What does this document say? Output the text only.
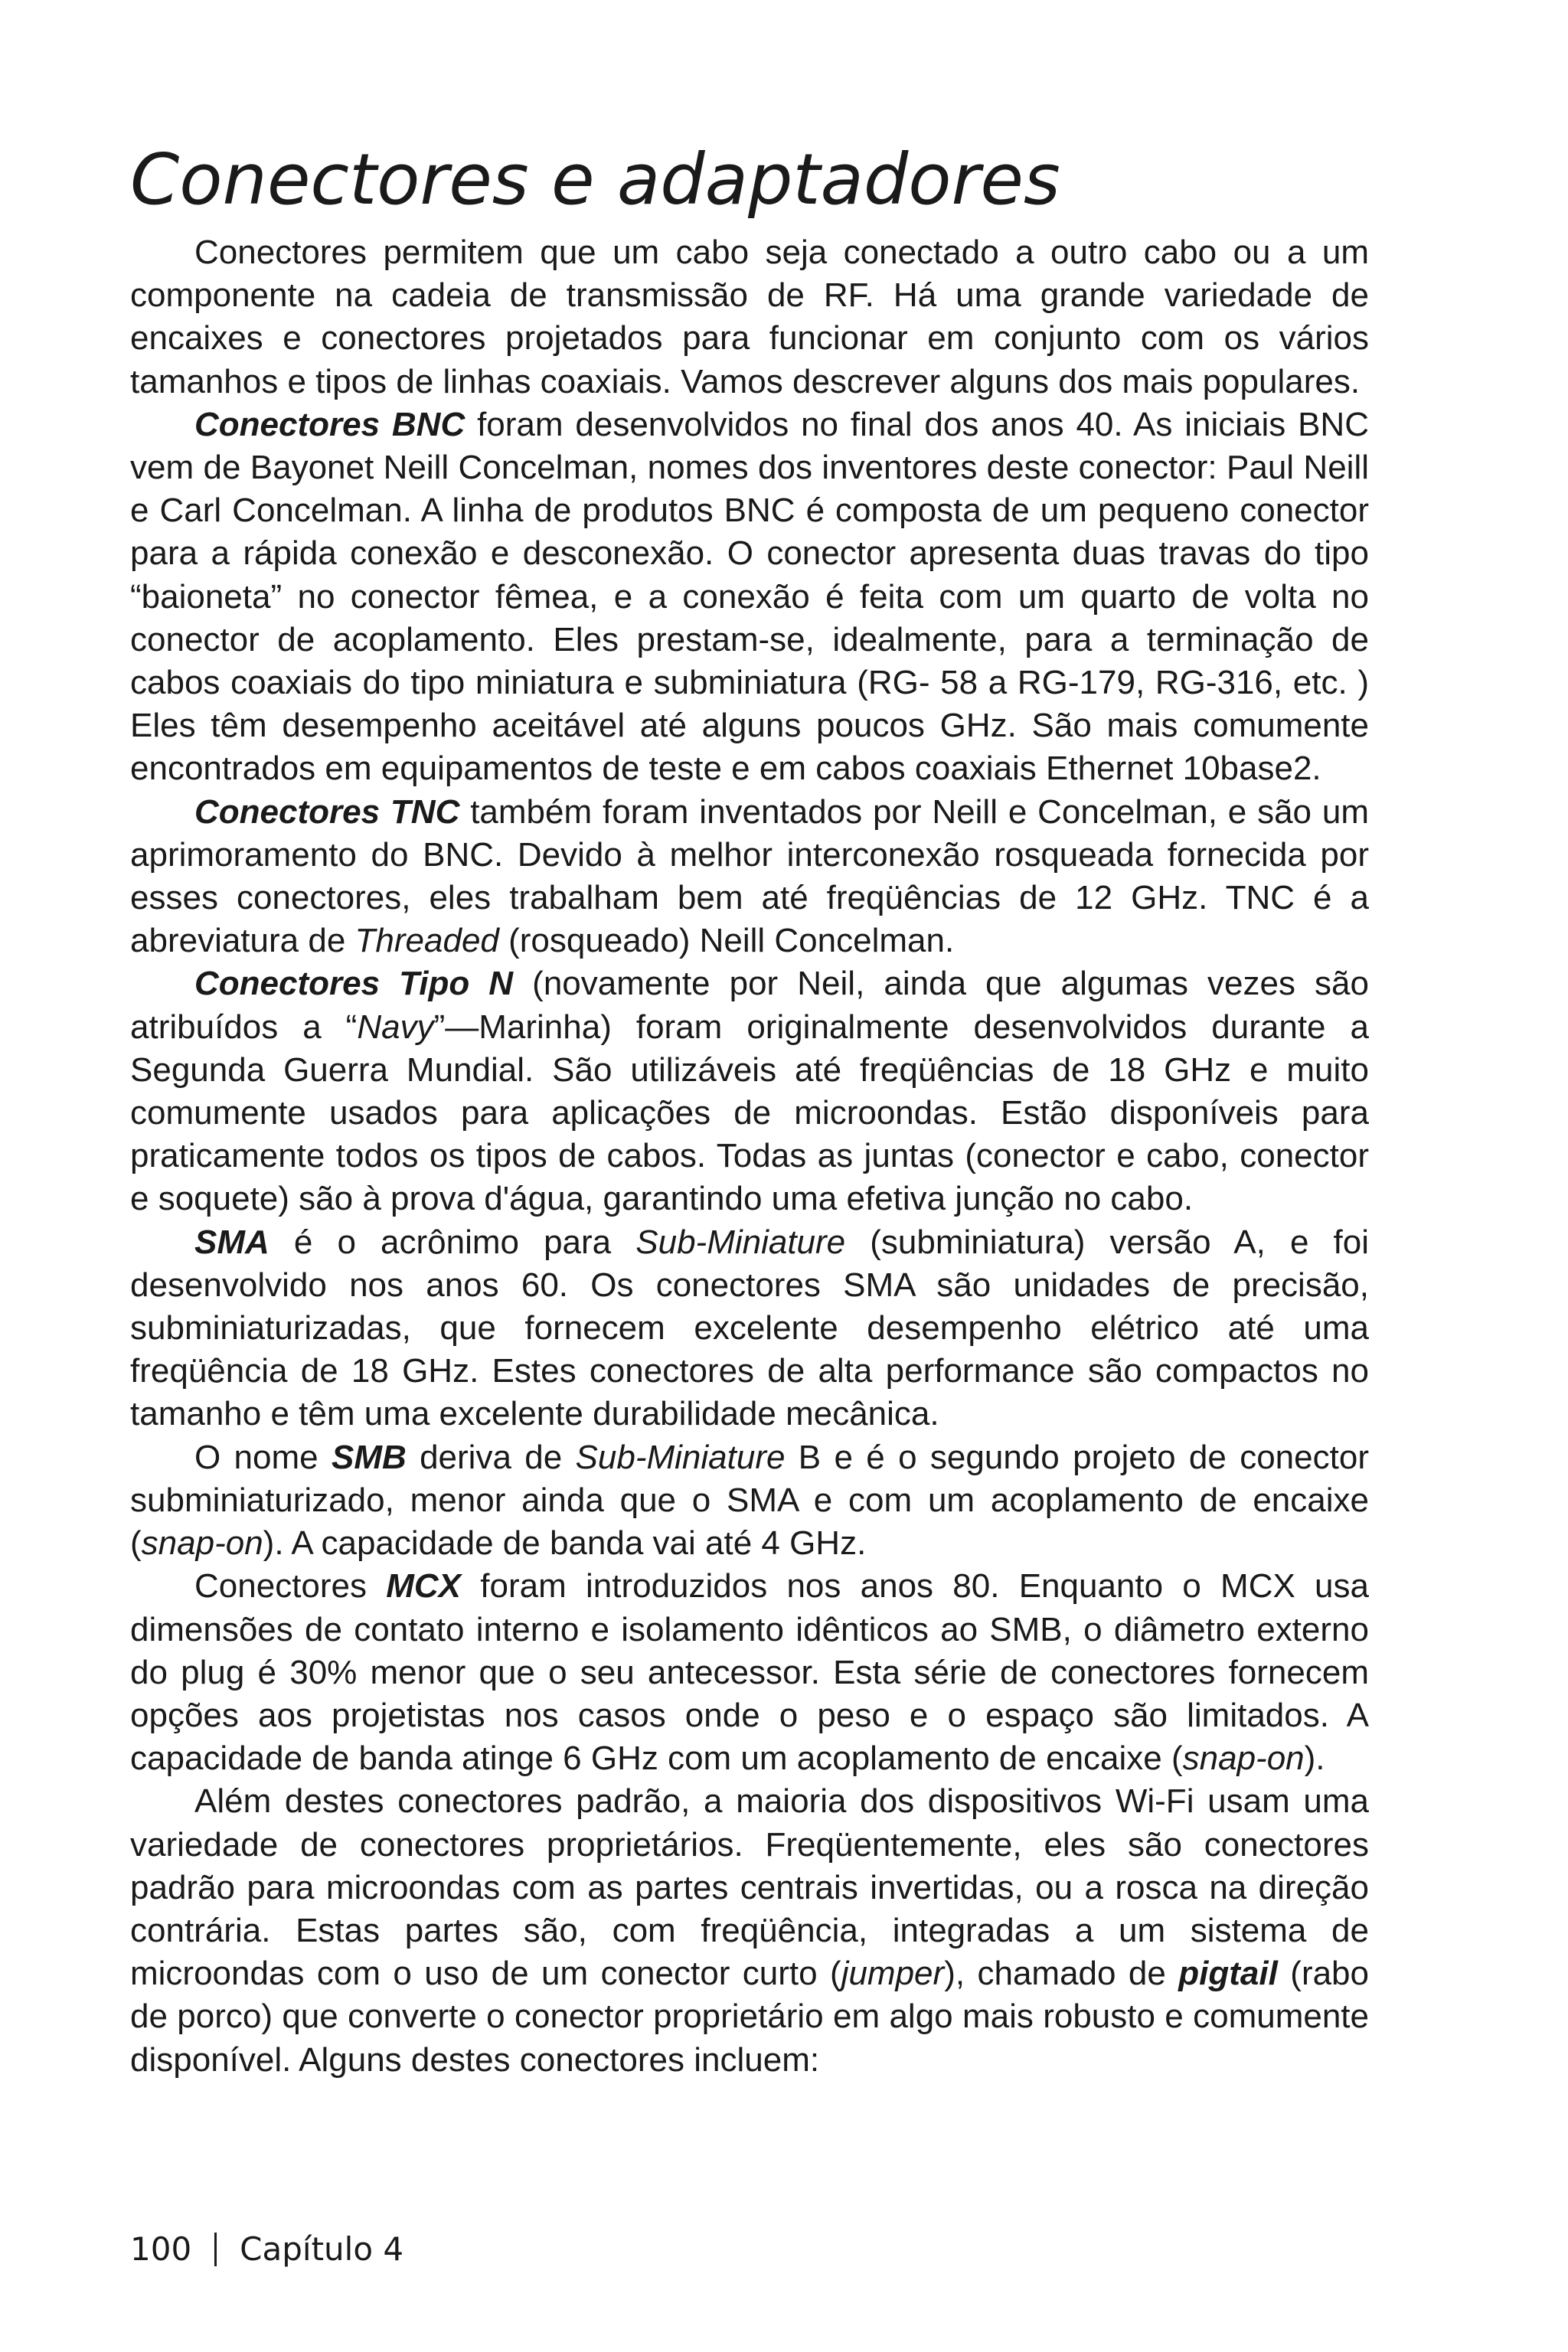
Conectores e adaptadores

Conectores permitem que um cabo seja conectado a outro cabo ou a um componente na cadeia de transmissão de RF. Há uma grande variedade de encaixes e conectores projetados para funcionar em conjunto com os vários tamanhos e tipos de linhas coaxiais. Vamos descrever alguns dos mais populares.

Conectores BNC foram desenvolvidos no final dos anos 40. As iniciais BNC vem de Bayonet Neill Concelman, nomes dos inventores deste conector: Paul Neill e Carl Concelman. A linha de produtos BNC é composta de um pequeno conector para a rápida conexão e desconexão. O conector apresenta duas travas do tipo “baioneta” no conector fêmea, e a conexão é feita com um quarto de volta no conector de acoplamento. Eles prestam-se, idealmente, para a terminação de cabos coaxiais do tipo miniatura e subminiatura (RG- 58 a RG-179, RG-316, etc. ) Eles têm desempenho aceitável até alguns poucos GHz. São mais comumente encontrados em equipamentos de teste e em cabos coaxiais Ethernet 10base2.

Conectores TNC também foram inventados por Neill e Concelman, e são um aprimoramento do BNC. Devido à melhor interconexão rosqueada fornecida por esses conectores, eles trabalham bem até freqüências de 12 GHz. TNC é a abreviatura de Threaded (rosqueado) Neill Concelman.

Conectores Tipo N (novamente por Neil, ainda que algumas vezes são atribuídos a “Navy”—Marinha) foram originalmente desenvolvidos durante a Segunda Guerra Mundial. São utilizáveis até freqüências de 18 GHz e muito comumente usados para aplicações de microondas. Estão disponíveis para praticamente todos os tipos de cabos. Todas as juntas (conector e cabo, conector e soquete) são à prova d'água, garantindo uma efetiva junção no cabo.

SMA é o acrônimo para Sub-Miniature (subminiatura) versão A, e foi desenvolvido nos anos 60. Os conectores SMA são unidades de precisão, subminiaturizadas, que fornecem excelente desempenho elétrico até uma freqüência de 18 GHz. Estes conectores de alta performance são compactos no tamanho e têm uma excelente durabilidade mecânica.

O nome SMB deriva de Sub-Miniature B e é o segundo projeto de conector subminiaturizado, menor ainda que o SMA e com um acoplamento de encaixe (snap-on). A capacidade de banda vai até 4 GHz.

Conectores MCX foram introduzidos nos anos 80. Enquanto o MCX usa dimensões de contato interno e isolamento idênticos ao SMB, o diâmetro externo do plug é 30% menor que o seu antecessor. Esta série de conectores fornecem opções aos projetistas nos casos onde o peso e o espaço são limitados. A capacidade de banda atinge 6 GHz com um acoplamento de encaixe (snap-on).

Além destes conectores padrão, a maioria dos dispositivos Wi-Fi usam uma variedade de conectores proprietários. Freqüentemente, eles são conectores padrão para microondas com as partes centrais invertidas, ou a rosca na direção contrária. Estas partes são, com freqüência, integradas a um sistema de microondas com o uso de um conector curto (jumper), chamado de pigtail (rabo de porco) que converte o conector proprietário em algo mais robusto e comumente disponível. Alguns destes conectores incluem:

100 Capítulo 4
